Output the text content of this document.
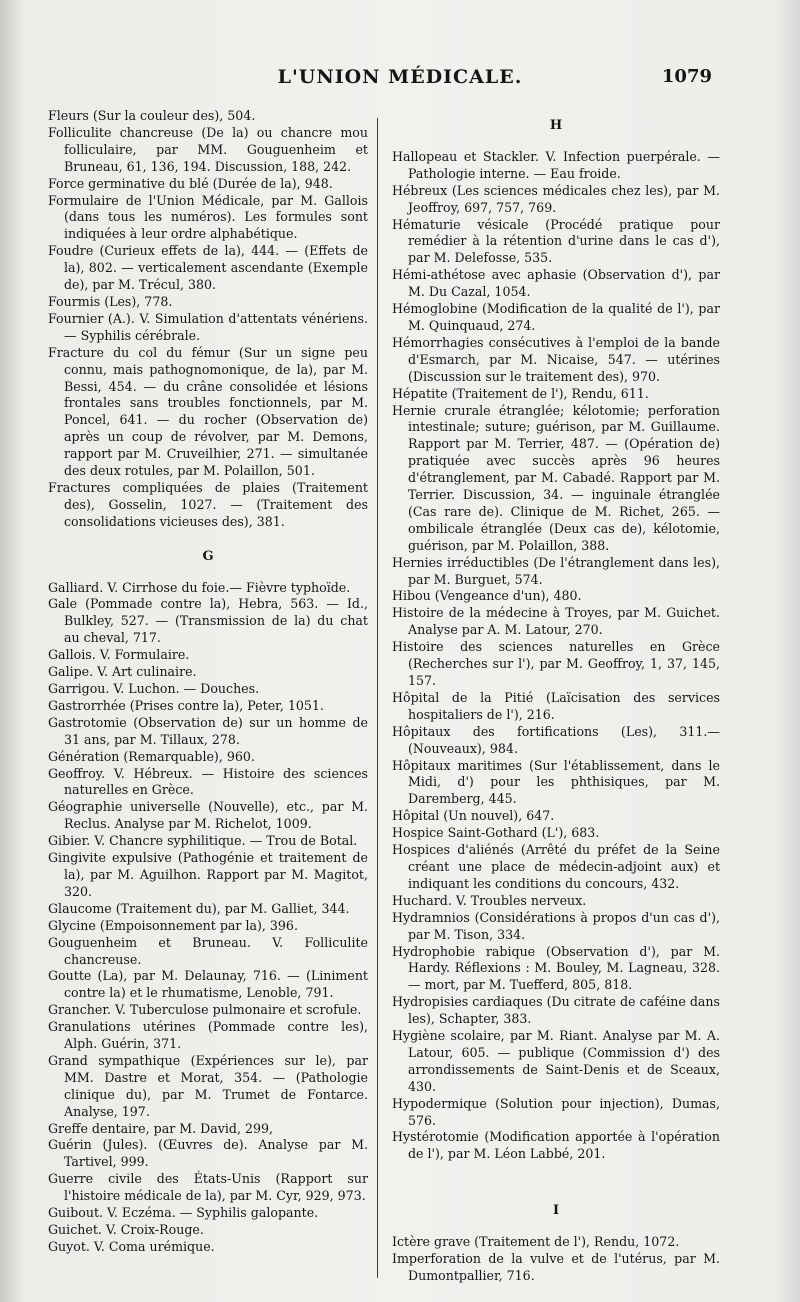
L'UNION MÉDICALE.	1079

Fleurs (Sur la couleur des), 504.

Folliculite chancreuse (De la) ou chancre mou folliculaire, par MM. Gouguenheim et Bruneau, 61, 136, 194. Discussion, 188, 242.

Force germinative du blé (Durée de la), 948.

Formulaire de l'Union Médicale, par M. Gallois (dans tous les numéros). Les formules sont indiquées à leur ordre alphabétique.

Foudre (Curieux effets de la), 444. — (Effets de la), 802. — verticalement ascendante (Exemple de), par M. Trécul, 380.

Fourmis (Les), 778.

Fournier (A.). V. Simulation d'attentats vénériens. — Syphilis cérébrale.

Fracture du col du fémur (Sur un signe peu connu, mais pathognomonique, de la), par M. Bessi, 454. — du crâne consolidée et lésions frontales sans troubles fonctionnels, par M. Poncel, 641. — du rocher (Observation de) après un coup de révolver, par M. Demons, rapport par M. Cruveilhier, 271. — simultanée des deux rotules, par M. Polaillon, 501.

Fractures compliquées de plaies (Traitement des), Gosselin, 1027. — (Traitement des consolidations vicieuses des), 381.

G

Galliard. V. Cirrhose du foie.— Fièvre typhoïde.

Gale (Pommade contre la), Hebra, 563. — Id., Bulkley, 527. — (Transmission de la) du chat au cheval, 717.

Gallois. V. Formulaire.

Galipe. V. Art culinaire.

Garrigou. V. Luchon. — Douches.

Gastrorrhée (Prises contre la), Peter, 1051.

Gastrotomie (Observation de) sur un homme de 31 ans, par M. Tillaux, 278.

Génération (Remarquable), 960.

Geoffroy. V. Hébreux. — Histoire des sciences naturelles en Grèce.

Géographie universelle (Nouvelle), etc., par M. Reclus. Analyse par M. Richelot, 1009.

Gibier. V. Chancre syphilitique. — Trou de Botal.

Gingivite expulsive (Pathogénie et traitement de la), par M. Aguilhon. Rapport par M. Magitot, 320.

Glaucome (Traitement du), par M. Galliet, 344.

Glycine (Empoisonnement par la), 396.

Gouguenheim et Bruneau. V. Folliculite chancreuse.

Goutte (La), par M. Delaunay, 716. — (Liniment contre la) et le rhumatisme, Lenoble, 791.

Grancher. V. Tuberculose pulmonaire et scrofule.

Granulations utérines (Pommade contre les), Alph. Guérin, 371.

Grand sympathique (Expériences sur le), par MM. Dastre et Morat, 354. — (Pathologie clinique du), par M. Trumet de Fontarce. Analyse, 197.

Greffe dentaire, par M. David, 299,

Guérin (Jules). (Œuvres de). Analyse par M. Tartivel, 999.

Guerre civile des États-Unis (Rapport sur l'histoire médicale de la), par M. Cyr, 929, 973.

Guibout. V. Eczéma. — Syphilis galopante.

Guichet. V. Croix-Rouge.

Guyot. V. Coma urémique.

H

Hallopeau et Stackler. V. Infection puerpérale. — Pathologie interne. — Eau froide.

Hébreux (Les sciences médicales chez les), par M. Jeoffroy, 697, 757, 769.

Hématurie vésicale (Procédé pratique pour remédier à la rétention d'urine dans le cas d'), par M. Delefosse, 535.

Hémi-athétose avec aphasie (Observation d'), par M. Du Cazal, 1054.

Hémoglobine (Modification de la qualité de l'), par M. Quinquaud, 274.

Hémorrhagies consécutives à l'emploi de la bande d'Esmarch, par M. Nicaise, 547. — utérines (Discussion sur le traitement des), 970.

Hépatite (Traitement de l'), Rendu, 611.

Hernie crurale étranglée; kélotomie; perforation intestinale; suture; guérison, par M. Guillaume. Rapport par M. Terrier, 487. — (Opération de) pratiquée avec succès après 96 heures d'étranglement, par M. Cabadé. Rapport par M. Terrier. Discussion, 34. — inguinale étranglée (Cas rare de). Clinique de M. Richet, 265. — ombilicale étranglée (Deux cas de), kélotomie, guérison, par M. Polaillon, 388.

Hernies irréductibles (De l'étranglement dans les), par M. Burguet, 574.

Hibou (Vengeance d'un), 480.

Histoire de la médecine à Troyes, par M. Guichet. Analyse par A. M. Latour, 270.

Histoire des sciences naturelles en Grèce (Recherches sur l'), par M. Geoffroy, 1, 37, 145, 157.

Hôpital de la Pitié (Laïcisation des services hospitaliers de l'), 216.

Hôpitaux des fortifications (Les), 311.— (Nouveaux), 984.

Hôpitaux maritimes (Sur l'établissement, dans le Midi, d') pour les phthisiques, par M. Daremberg, 445.

Hôpital (Un nouvel), 647.

Hospice Saint-Gothard (L'), 683.

Hospices d'aliénés (Arrêté du préfet de la Seine créant une place de médecin-adjoint aux) et indiquant les conditions du concours, 432.

Huchard. V. Troubles nerveux.

Hydramnios (Considérations à propos d'un cas d'), par M. Tison, 334.

Hydrophobie rabique (Observation d'), par M. Hardy. Réflexions : M. Bouley, M. Lagneau, 328. — mort, par M. Tuefferd, 805, 818.

Hydropisies cardiaques (Du citrate de caféine dans les), Schapter, 383.

Hygiène scolaire, par M. Riant. Analyse par M. A. Latour, 605. — publique (Commission d') des arrondissements de Saint-Denis et de Sceaux, 430.

Hypodermique (Solution pour injection), Dumas, 576.

Hystérotomie (Modification apportée à l'opération de l'), par M. Léon Labbé, 201.

I

Ictère grave (Traitement de l'), Rendu, 1072.

Imperforation de la vulve et de l'utérus, par M. Dumontpallier, 716.
